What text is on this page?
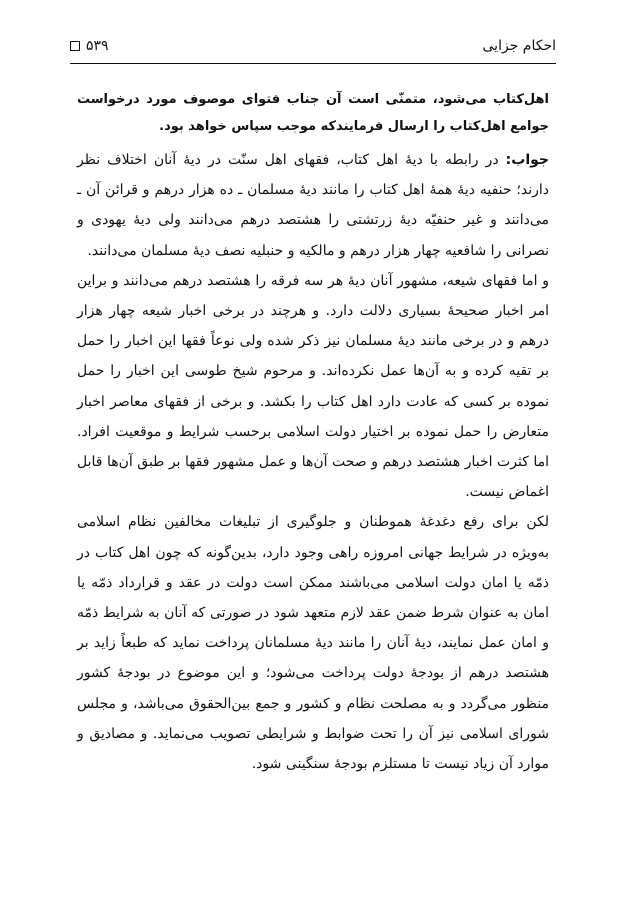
احکام جزایی
۵۳۹

اهل‌کتاب می‌شود، متمنّی است آن جناب فتوای موصوف مورد درخواست جوامع اهل‌کتاب را ارسال فرمایندکه موجب سپاس خواهد بود.

جواب: در رابطه با دیهٔ اهل کتاب، فقهای اهل سنّت در دیهٔ آنان اختلاف نظر دارند؛ حنفیه دیهٔ همهٔ اهل کتاب را مانند دیهٔ مسلمان ـ ده هزار درهم و قرائن آن ـ می‌دانند و غیر حنفیّه دیهٔ زرتشتی را هشتصد درهم می‌دانند ولی دیهٔ یهودی و نصرانی را شافعیه چهار هزار درهم و مالکیه و حنبلیه نصف دیهٔ مسلمان می‌دانند.

و اما فقهای شیعه، مشهور آنان دیهٔ هر سه فرقه را هشتصد درهم می‌دانند و براین امر اخبار صحیحهٔ بسیاری دلالت دارد. و هرچند در برخی اخبار شیعه چهار هزار درهم و در برخی مانند دیهٔ مسلمان نیز ذکر شده ولی نوعاً فقها این اخبار را حمل بر تقیه کرده و به آن‌ها عمل نکرده‌اند. و مرحوم شیخ طوسی این اخبار را حمل نموده بر کسی که عادت دارد اهل کتاب را بکشد. و برخی از فقهای معاصر اخبار متعارض را حمل نموده بر اختیار دولت اسلامی برحسب شرایط و موقعیت افراد. اما کثرت اخبار هشتصد درهم و صحت آن‌ها و عمل مشهور فقها بر طبق آن‌ها قابل اغماض نیست.

لکن برای رفع دغدغهٔ هموطنان و جلوگیری از تبلیغات مخالفین نظام اسلامی به‌ویژه در شرایط جهانی امروزه راهی وجود دارد، بدین‌گونه که چون اهل کتاب در ذمّه یا امان دولت اسلامی می‌باشند ممکن است دولت در عقد و قرارداد ذمّه یا امان به عنوان شرط ضمن عقد لازم متعهد شود در صورتی که آنان به شرایط ذمّه و امان عمل نمایند، دیهٔ آنان را مانند دیهٔ مسلمانان پرداخت نماید که طبعاً زاید بر هشتصد درهم از بودجهٔ دولت پرداخت می‌شود؛ و این موضوع در بودجهٔ کشور منظور می‌گردد و به مصلحت نظام و کشور و جمع بین‌الحقوق می‌باشد، و مجلس شورای اسلامی نیز آن را تحت ضوابط و شرایطی تصویب می‌نماید. و مصادیق و موارد آن زیاد نیست تا مستلزم بودجهٔ سنگینی شود.
